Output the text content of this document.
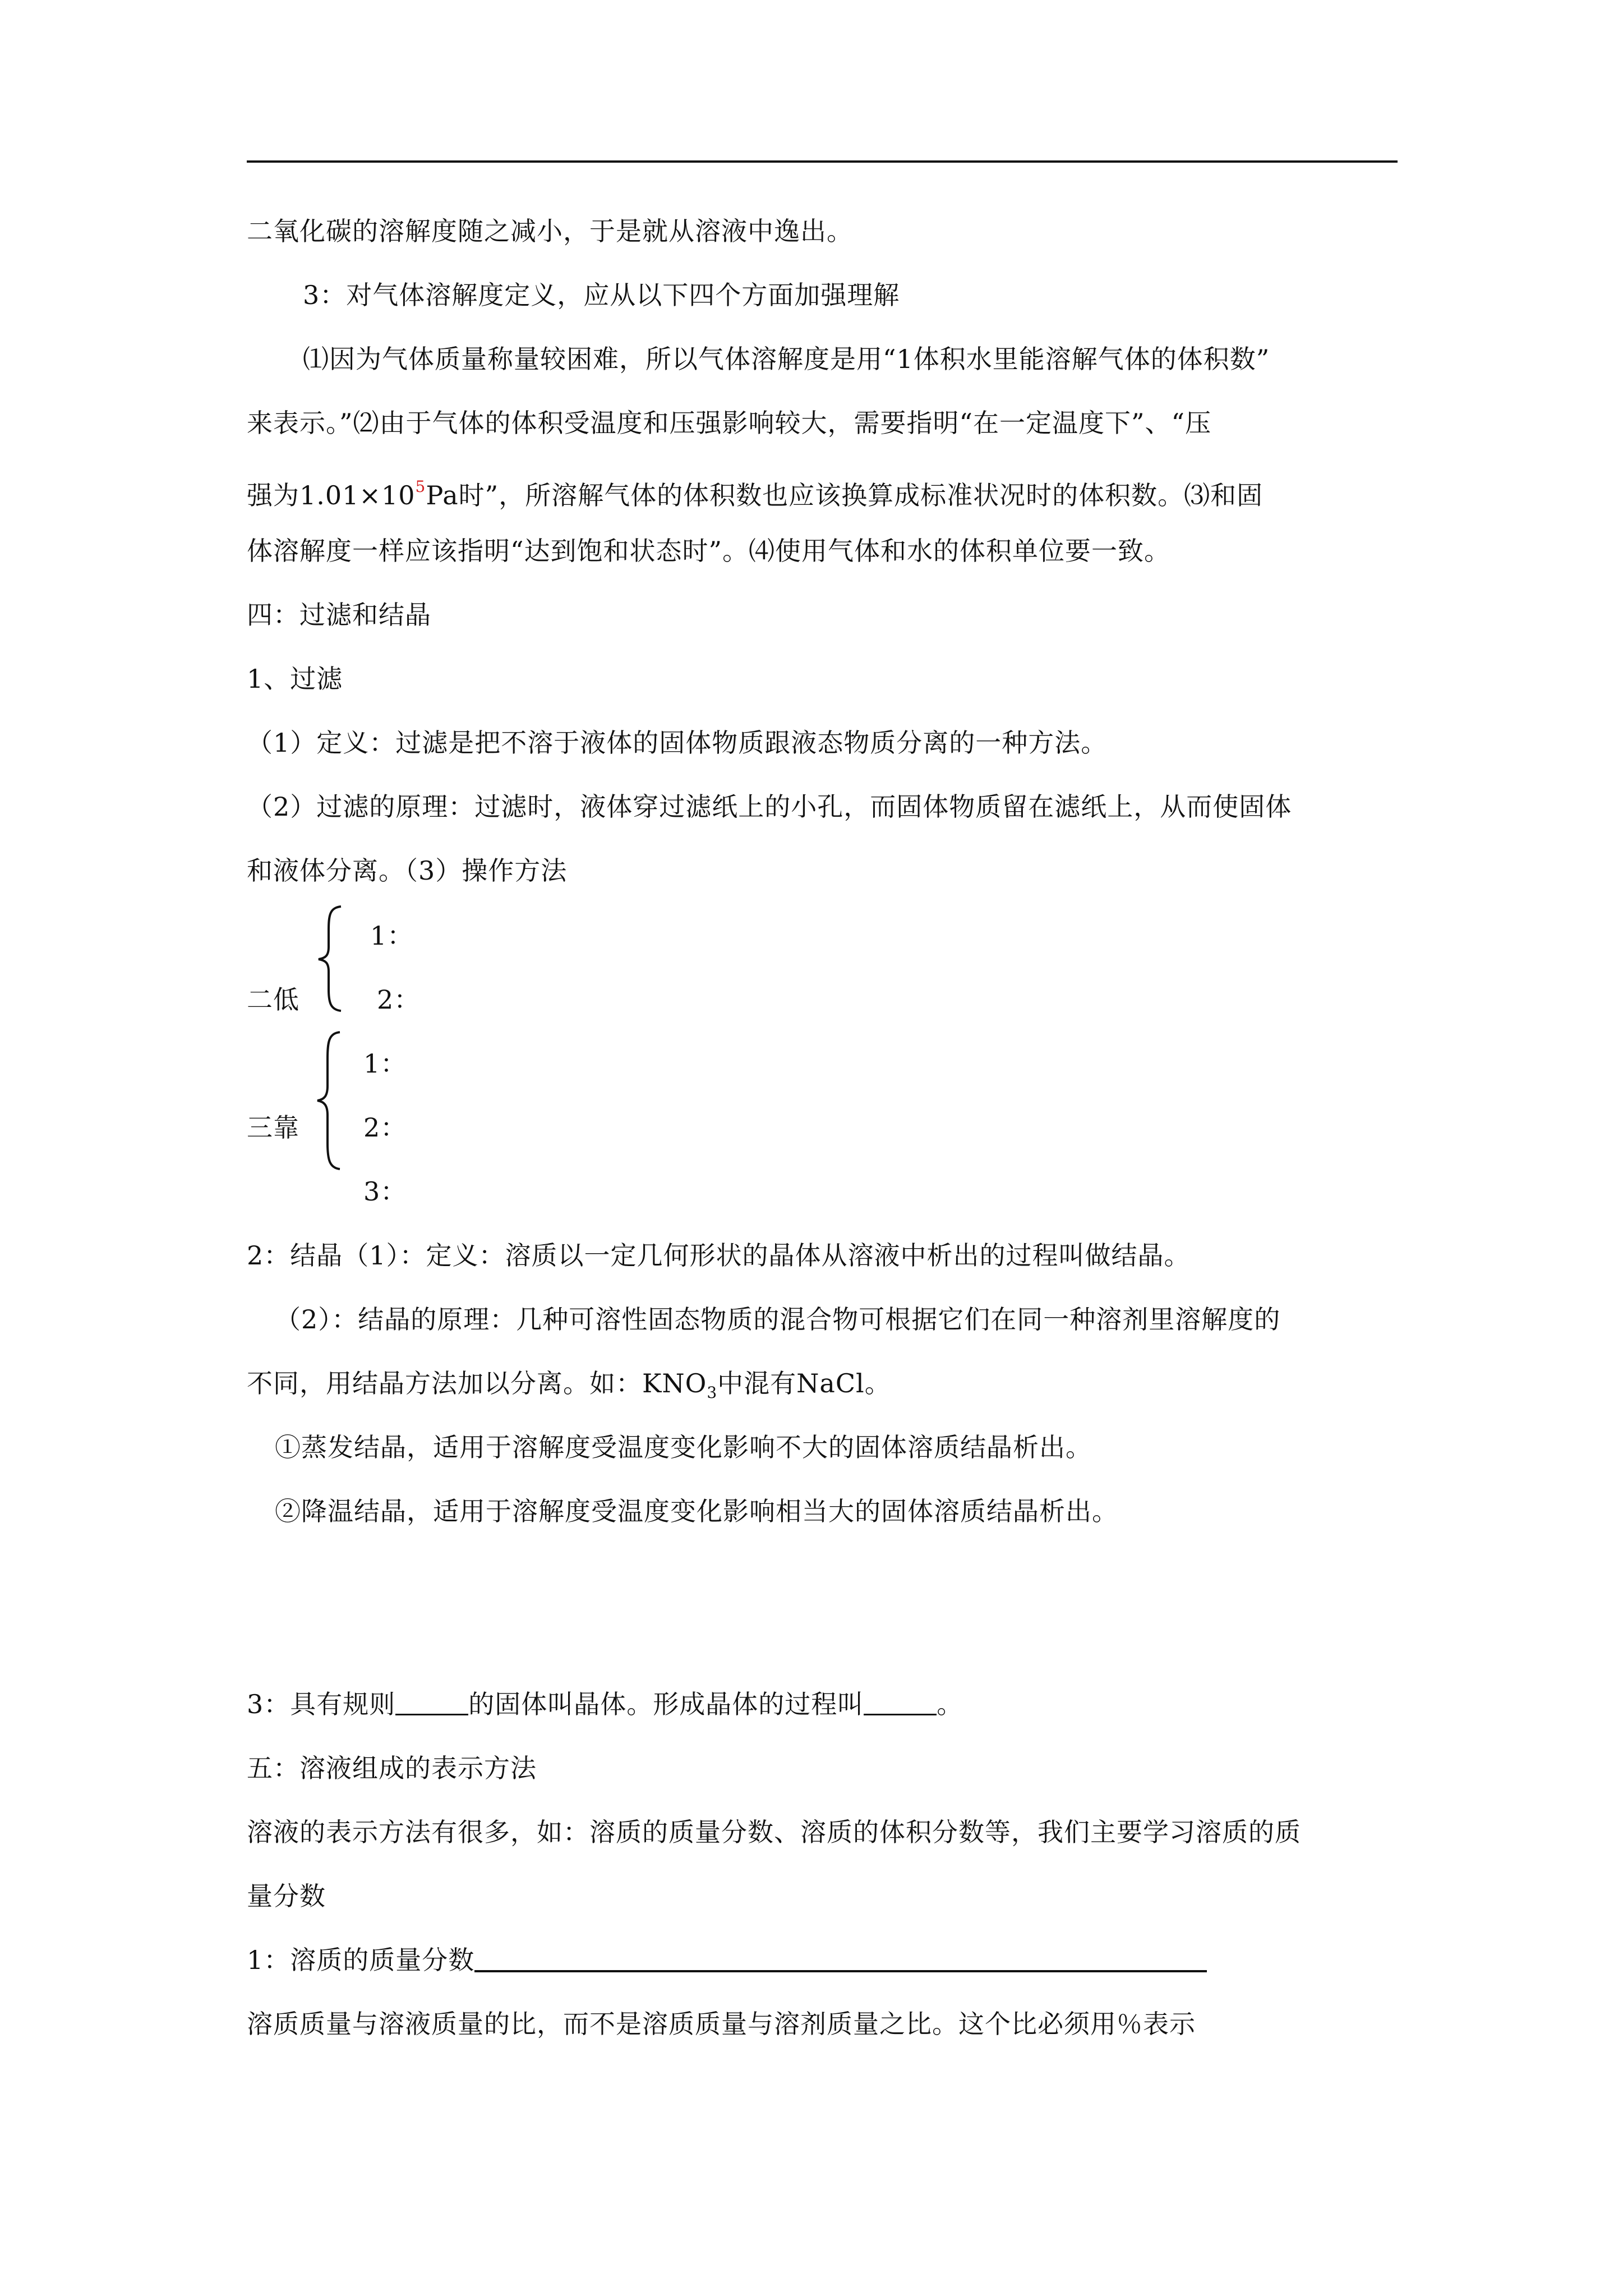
二氧化碳的溶解度随之减小，于是就从溶液中逸出。
3：对气体溶解度定义，应从以下四个方面加强理解
⑴因为气体质量称量较困难，所以气体溶解度是用“1体积水里能溶解气体的体积数”
来表示。”⑵由于气体的体积受温度和压强影响较大，需要指明“在一定温度下”、“压
强为$1.01\times 10^5Pa$时”，所溶解气体的体积数也应该换算成标准状况时的体积数。⑶和固
体溶解度一样应该指明“达到饱和状态时”。⑷使用气体和水的体积单位要一致。
四：过滤和结晶
1、过滤
（1）定义：过滤是把不溶于液体的固体物质跟液态物质分离的一种方法。
（2）过滤的原理：过滤时，液体穿过滤纸上的小孔，而固体物质留在滤纸上，从而使固体
和液体分离。（3）操作方法
1：
二低	2：
1：
三靠 2：
3：
2：结晶（1）：定义：溶质以一定几何形状的晶体从溶液中析出的过程叫做结晶。
（2）：结晶的原理：几种可溶性固态物质的混合物可根据它们在同一种溶剂里溶解度的
不同，用结晶方法加以分离。如：$KNO_3$中混有NaCl。
①蒸发结晶，适用于溶解度受温度变化影响不大的固体溶质结晶析出。
②降温结晶，适用于溶解度受温度变化影响相当大的固体溶质结晶析出。
3：具有规则	的固体叫晶体。形成晶体的过程叫	。
五：溶液组成的表示方法
溶液的表示方法有很多，如：溶质的质量分数、溶质的体积分数等，我们主要学习溶质的质
量分数
1：溶质的质量分数
溶质质量与溶液质量的比，而不是溶质质量与溶剂质量之比。这个比必须用％表示
